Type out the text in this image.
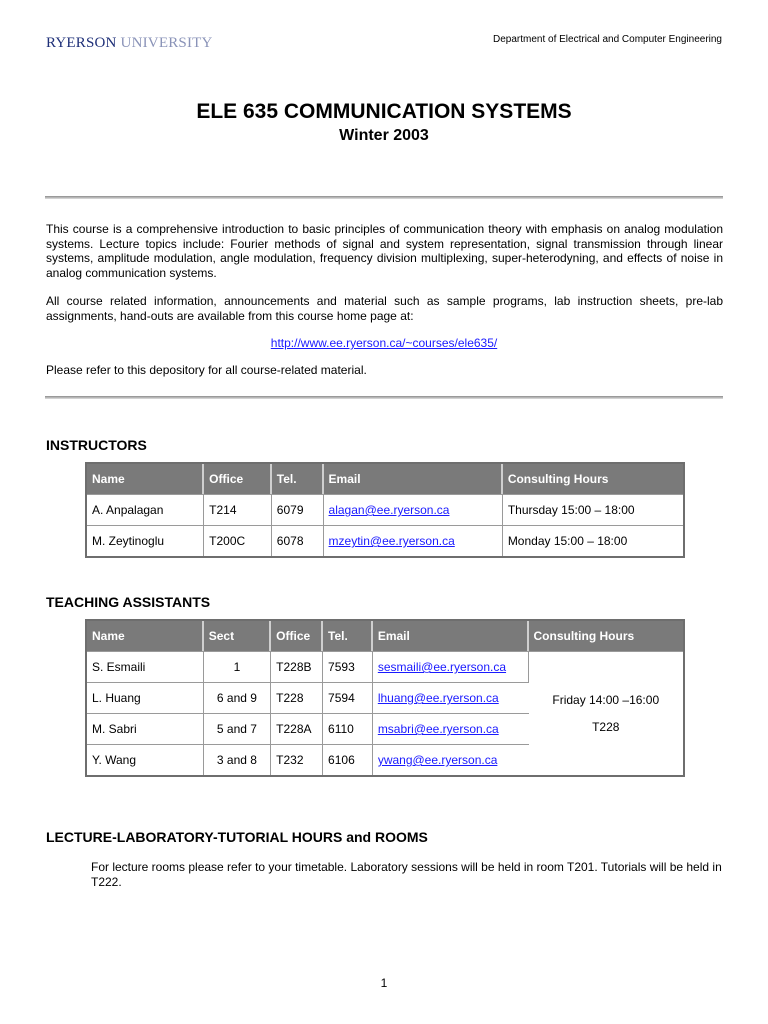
RYERSON UNIVERSITY	Department of Electrical and Computer Engineering
ELE 635 COMMUNICATION SYSTEMS
Winter 2003

This course is a comprehensive introduction to basic principles of communication theory with emphasis on analog modulation systems. Lecture topics include: Fourier methods of signal and system representation, signal transmission through linear systems, amplitude modulation, angle modulation, frequency division multiplexing, super-heterodyning, and effects of noise in analog communication systems.

All course related information, announcements and material such as sample programs, lab instruction sheets, pre-lab assignments, hand-outs are available from this course home page at:

http://www.ee.ryerson.ca/~courses/ele635/

Please refer to this depository for all course-related material.

INSTRUCTORS
Name	Office	Tel.	Email	Consulting Hours
A. Anpalagan	T214	6079	alagan@ee.ryerson.ca	Thursday 15:00 – 18:00
M. Zeytinoglu	T200C	6078	mzeytin@ee.ryerson.ca	Monday 15:00 – 18:00
TEACHING ASSISTANTS
Name	Sect	Office	Tel.	Email	Consulting Hours
S. Esmaili	1	T228B	7593	sesmaili@ee.ryerson.ca	Friday 14:00 –16:00
T228

L. Huang	6 and 9	T228	7594	lhuang@ee.ryerson.ca	
M. Sabri	5 and 7	T228A	6110	msabri@ee.ryerson.ca	
Y. Wang	3 and 8	T232	6106	ywang@ee.ryerson.ca	
LECTURE-LABORATORY-TUTORIAL HOURS and ROOMS

For lecture rooms please refer to your timetable. Laboratory sessions will be held in room T201. Tutorials will be held in T222.

1
